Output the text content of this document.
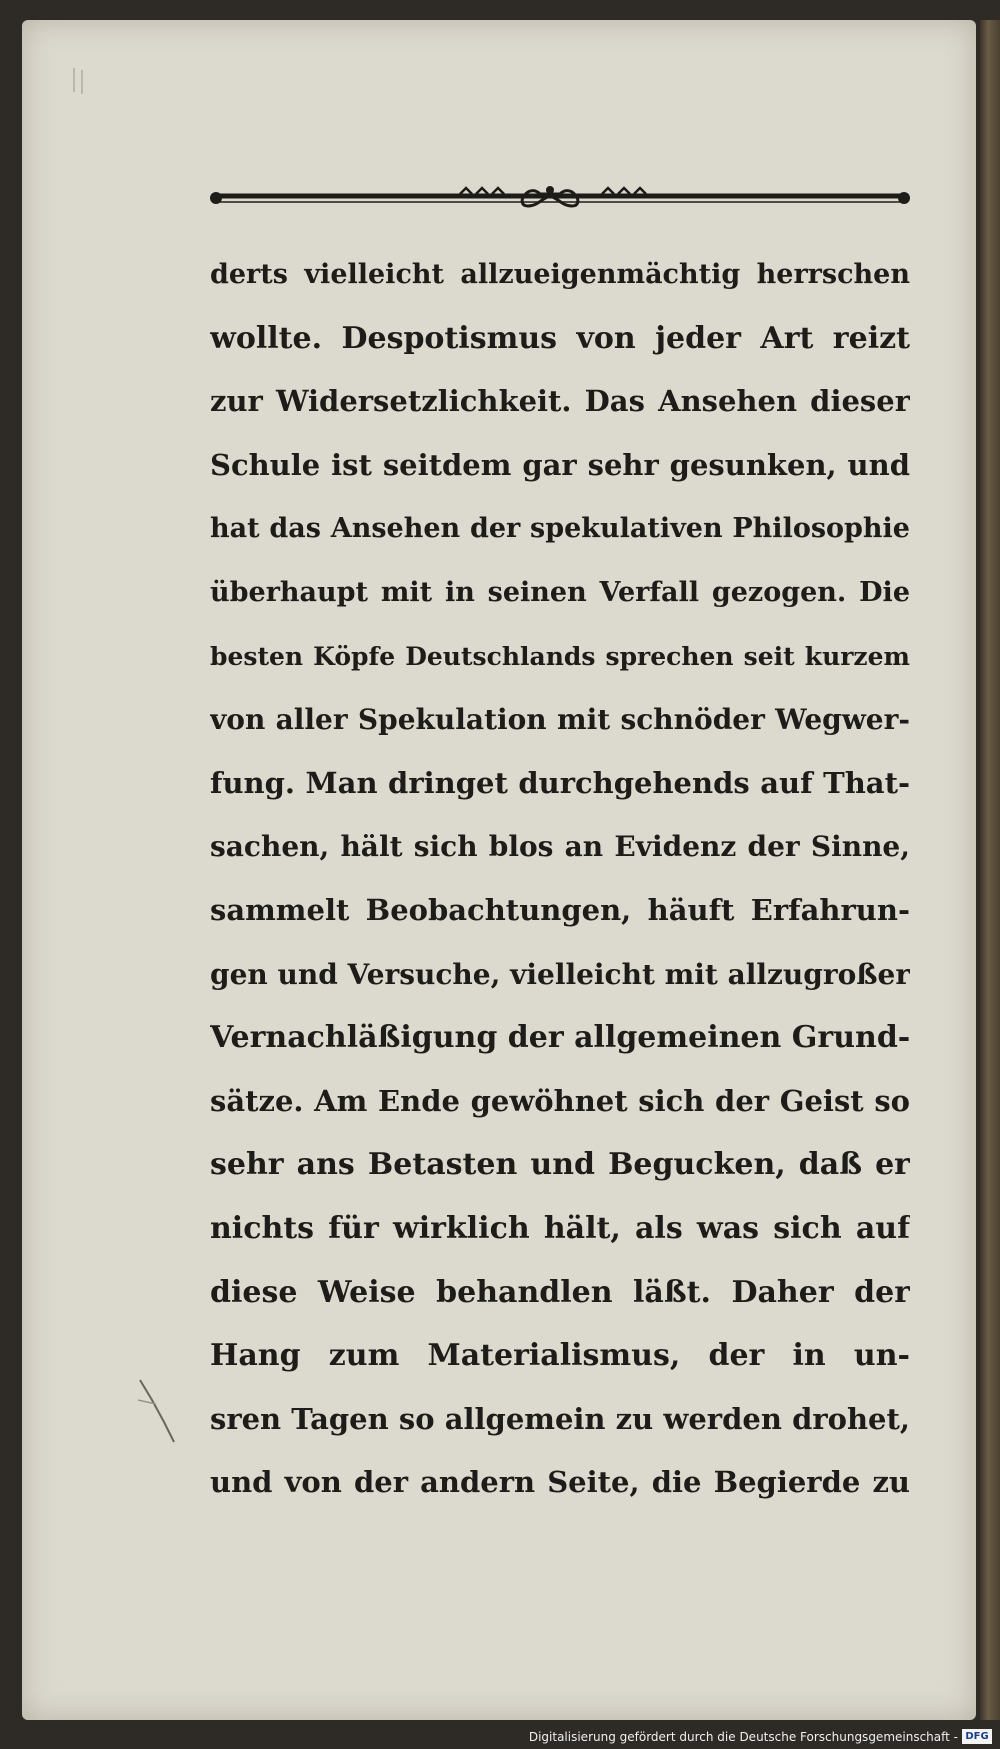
derts vielleicht allzueigenmächtig herrschen
wollte. Despotismus von jeder Art reizt
zur Widersetzlichkeit. Das Ansehen dieser
Schule ist seitdem gar sehr gesunken, und
hat das Ansehen der spekulativen Philosophie
überhaupt mit in seinen Verfall gezogen. Die
besten Köpfe Deutschlands sprechen seit kurzem
von aller Spekulation mit schnöder Wegwer-
fung. Man dringet durchgehends auf That-
sachen, hält sich blos an Evidenz der Sinne,
sammelt Beobachtungen, häuft Erfahrun-
gen und Versuche, vielleicht mit allzugroßer
Vernachläßigung der allgemeinen Grund-
sätze. Am Ende gewöhnet sich der Geist so
sehr ans Betasten und Begucken, daß er
nichts für wirklich hält, als was sich auf
diese Weise behandlen läßt. Daher der
Hang zum Materialismus, der in un-
sren Tagen so allgemein zu werden drohet,
und von der andern Seite, die Begierde zu
Digitalisierung gefördert durch die Deutsche Forschungsgemeinschaft - DFG
